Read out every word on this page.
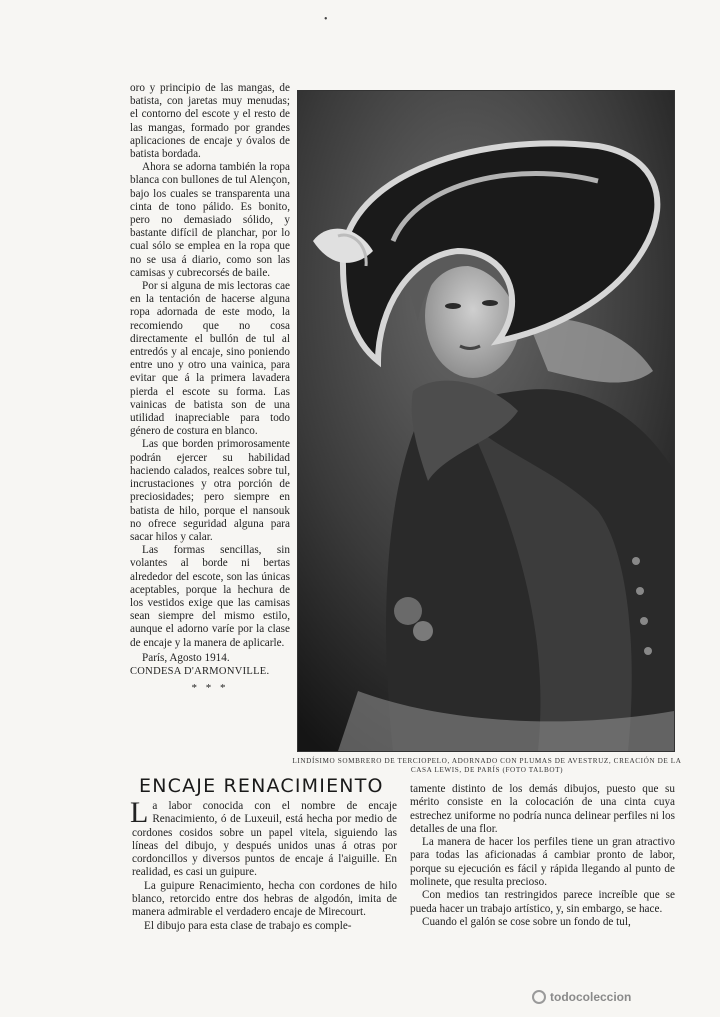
•

oro y principio de las mangas, de batista, con jaretas muy menudas; el contorno del escote y el resto de las mangas, formado por grandes aplicaciones de encaje y óvalos de batista bordada.

Ahora se adorna también la ropa blanca con bullones de tul Alençon, bajo los cuales se transparenta una cinta de tono pálido. Es bonito, pero no demasiado sólido, y bastante difícil de planchar, por lo cual sólo se emplea en la ropa que no se usa á diario, como son las camisas y cubrecorsés de baile.

Por si alguna de mis lectoras cae en la tentación de hacerse alguna ropa adornada de este modo, la recomiendo que no cosa directamente el bullón de tul al entredós y al encaje, sino poniendo entre uno y otro una vainica, para evitar que á la primera lavadera pierda el escote su forma. Las vainicas de batista son de una utilidad inapreciable para todo género de costura en blanco.

Las que borden primorosamente podrán ejercer su habilidad haciendo calados, realces sobre tul, incrustaciones y otra porción de preciosidades; pero siempre en batista de hilo, porque el nansouk no ofrece seguridad alguna para sacar hilos y calar.

Las formas sencillas, sin volantes al borde ni bertas alrededor del escote, son las únicas aceptables, porque la hechura de los vestidos exige que las camisas sean siempre del mismo estilo, aunque el adorno varíe por la clase de encaje y la manera de aplicarle.

París, Agosto 1914.

CONDESA D'ARMONVILLE.

* * *

LINDÍSIMO SOMBRERO DE TERCIOPELO, ADORNADO CON PLUMAS DE AVESTRUZ, CREACIÓN DE LA CASA LEWIS, DE PARÍS (FOTO TALBOT)
ENCAJE RENACIMIENTO

La labor conocida con el nombre de encaje Renacimiento, ó de Luxeuil, está hecha por medio de cordones cosidos sobre un papel vitela, siguiendo las líneas del dibujo, y después unidos unas á otras por cordoncillos y diversos puntos de encaje á l'aiguille. En realidad, es casi un guipure.

La guipure Renacimiento, hecha con cordones de hilo blanco, retorcido entre dos hebras de algodón, imita de manera admirable el verdadero encaje de Mirecourt.

El dibujo para esta clase de trabajo es comple-

tamente distinto de los demás dibujos, puesto que su mérito consiste en la colocación de una cinta cuya estrechez uniforme no podría nunca delinear perfiles ni los detalles de una flor.

La manera de hacer los perfiles tiene un gran atractivo para todas las aficionadas á cambiar pronto de labor, porque su ejecución es fácil y rápida llegando al punto de molinete, que resulta precioso.

Con medios tan restringidos parece increíble que se pueda hacer un trabajo artístico, y, sin embargo, se hace.

Cuando el galón se cose sobre un fondo de tul,

todocoleccion
